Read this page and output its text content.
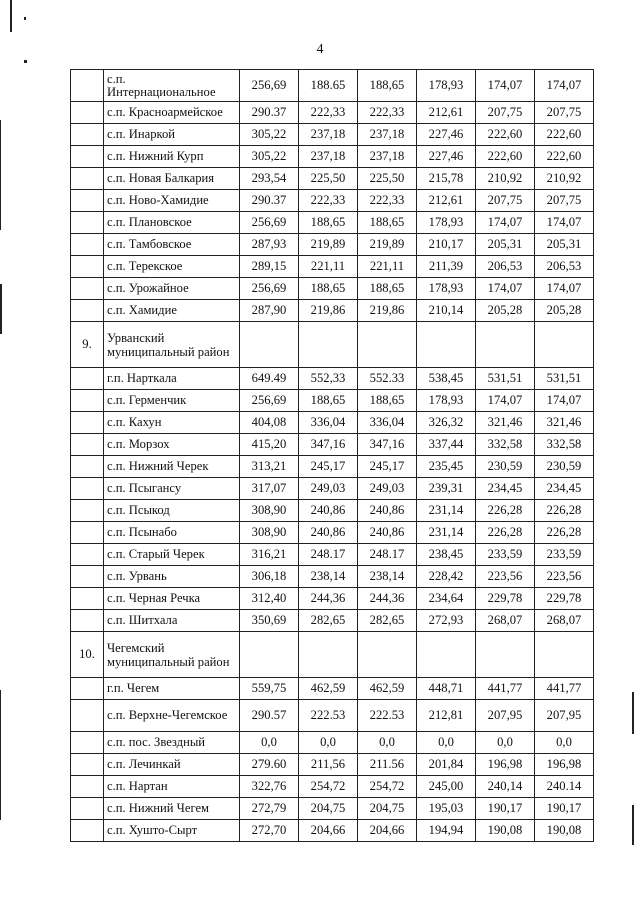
4
	с.п. Интернациональное	256,69	188.65	188,65	178,93	174,07	174,07
	с.п. Красноармейское	290.37	222,33	222,33	212,61	207,75	207,75
	с.п. Инаркой	305,22	237,18	237,18	227,46	222,60	222,60
	с.п. Нижний Курп	305,22	237,18	237,18	227,46	222,60	222,60
	с.п. Новая Балкария	293,54	225,50	225,50	215,78	210,92	210,92
	с.п. Ново-Хамидие	290.37	222,33	222,33	212,61	207,75	207,75
	с.п. Плановское	256,69	188,65	188,65	178,93	174,07	174,07
	с.п. Тамбовское	287,93	219,89	219,89	210,17	205,31	205,31
	с.п. Терекское	289,15	221,11	221,11	211,39	206,53	206,53
	с.п. Урожайное	256,69	188,65	188,65	178,93	174,07	174,07
	с.п. Хамидие	287,90	219,86	219,86	210,14	205,28	205,28
9.	Урванский муниципальный район						
	г.п. Нарткала	649.49	552,33	552.33	538,45	531,51	531,51
	с.п. Герменчик	256,69	188,65	188,65	178,93	174,07	174,07
	с.п. Кахун	404,08	336,04	336,04	326,32	321,46	321,46
	с.п. Морзох	415,20	347,16	347,16	337,44	332,58	332,58
	с.п. Нижний Черек	313,21	245,17	245,17	235,45	230,59	230,59
	с.п. Псыгансу	317,07	249,03	249,03	239,31	234,45	234,45
	с.п. Псыкод	308,90	240,86	240,86	231,14	226,28	226,28
	с.п. Псынабо	308,90	240,86	240,86	231,14	226,28	226,28
	с.п. Старый Черек	316,21	248.17	248.17	238,45	233,59	233,59
	с.п. Урвань	306,18	238,14	238,14	228,42	223,56	223,56
	с.п. Черная Речка	312,40	244,36	244,36	234,64	229,78	229,78
	с.п. Шитхала	350,69	282,65	282,65	272,93	268,07	268,07
10.	Чегемский муниципальный район						
	г.п. Чегем	559,75	462,59	462,59	448,71	441,77	441,77
	с.п. Верхне-Чегемское	290.57	222.53	222.53	212,81	207,95	207,95
	с.п. пос. Звездный	0,0	0,0	0,0	0,0	0,0	0,0
	с.п. Лечинкай	279.60	211,56	211.56	201,84	196,98	196,98
	с.п. Нартан	322,76	254,72	254,72	245,00	240,14	240.14
	с.п. Нижний Чегем	272,79	204,75	204,75	195,03	190,17	190,17
	с.п. Хушто-Сырт	272,70	204,66	204,66	194,94	190,08	190,08
